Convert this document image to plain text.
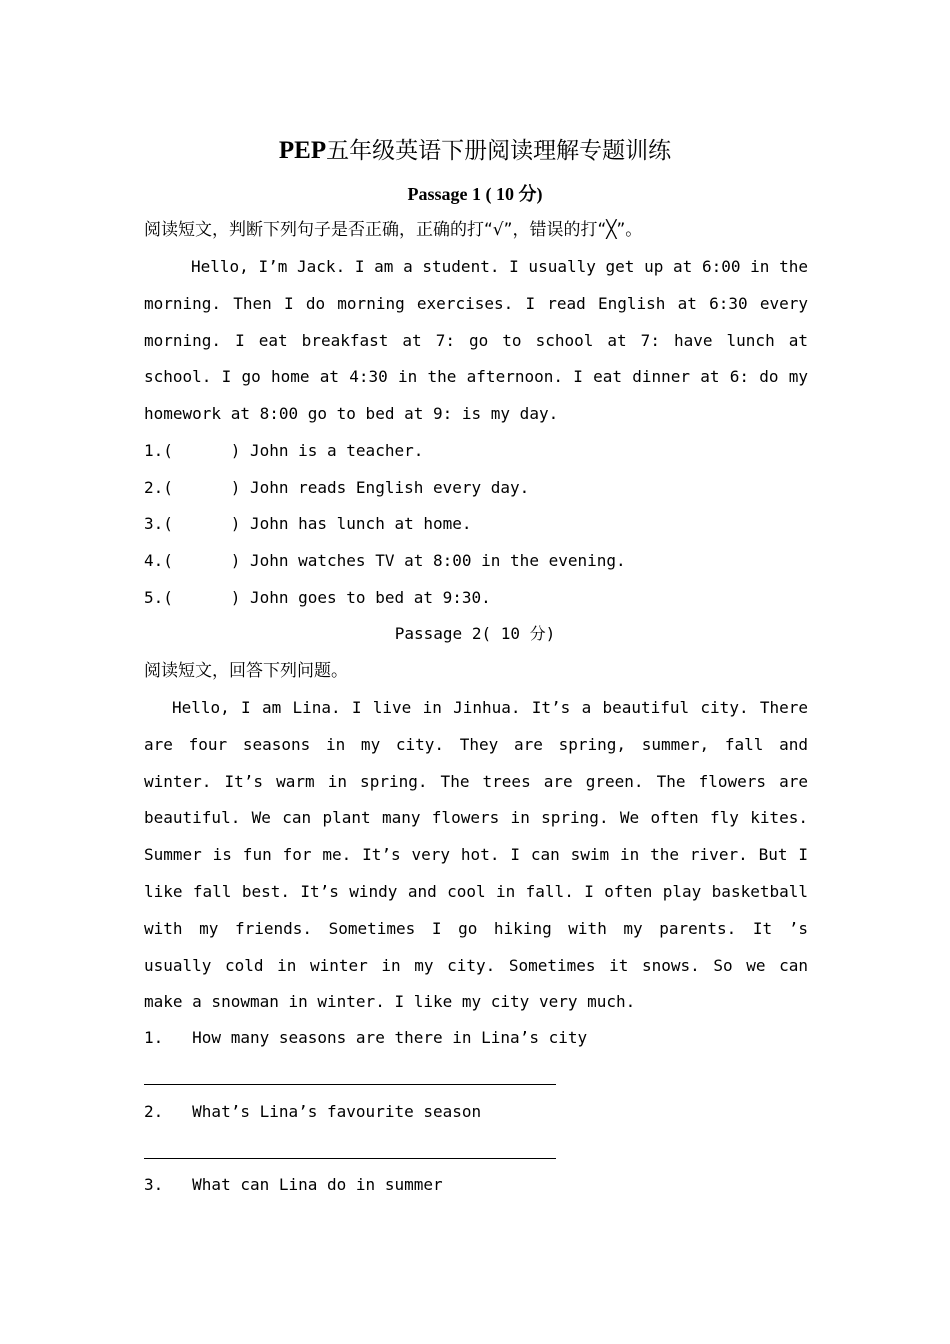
PEP五年级英语下册阅读理解专题训练
Passage 1 ( 10 分)
阅读短文，判断下列句子是否正确，正确的打“√”，错误的打“╳”。
Hello, I’m Jack. I am a student. I usually get up at 6:00 in the morning. Then I do morning exercises. I read English at 6:30 every morning. I eat breakfast at 7: go to school at 7: have lunch at school. I go home at 4:30 in the afternoon. I eat dinner at 6: do my homework at 8:00 go to bed at 9: is my day.
1.(      ) John is a teacher.
2.(      ) John reads English every day.
3.(      ) John has lunch at home.
4.(      ) John watches TV at 8:00 in the evening.
5.(      ) John goes to bed at 9:30.
Passage 2( 10 分)
阅读短文，回答下列问题。
Hello, I am Lina. I live in Jinhua. It’s a beautiful city. There are four seasons in my city. They are spring, summer, fall and winter. It’s warm in spring. The trees are green. The flowers are beautiful. We can plant many flowers in spring. We often fly kites. Summer is fun for me. It’s very hot. I can swim in the river. But I like fall best. It’s windy and cool in fall. I often play basketball with my friends. Sometimes I go hiking with my parents. It ’s usually cold in winter in my city. Sometimes it snows. So we can make a snowman in winter. I like my city very much.
1.   How many seasons are there in Lina’s city
2.   What’s Lina’s favourite season
3.   What can Lina do in summer
